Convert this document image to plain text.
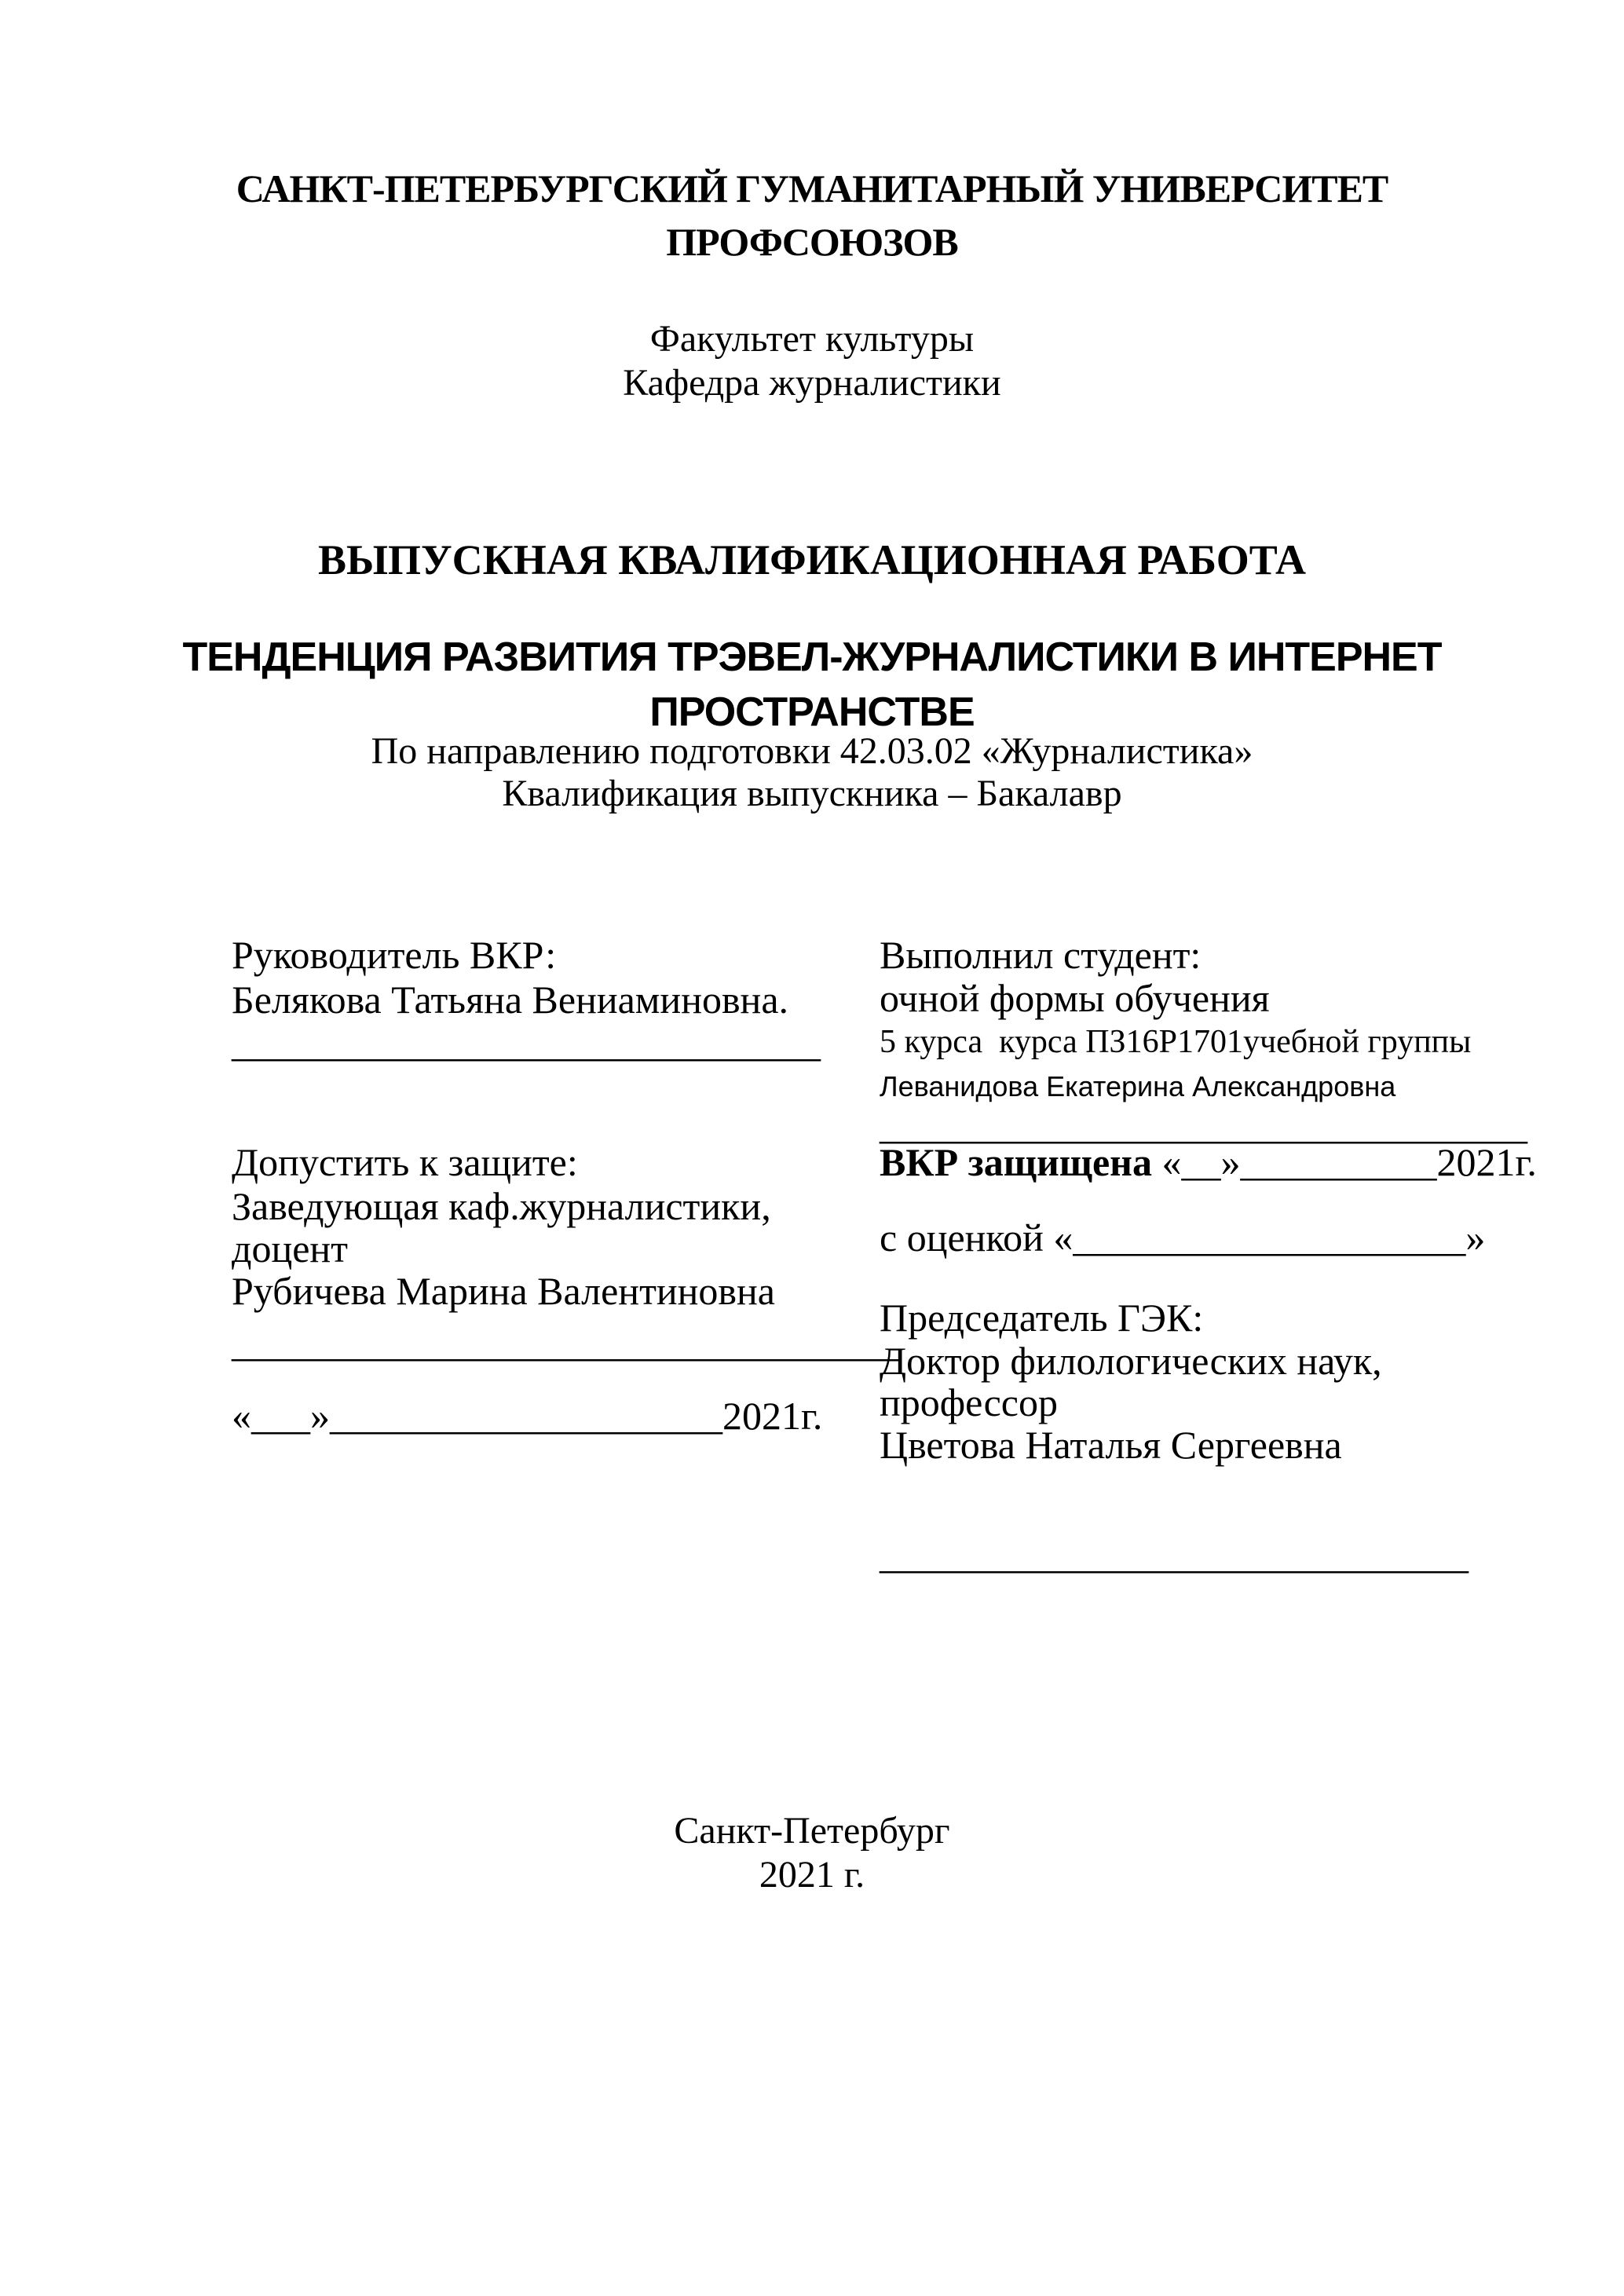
САНКТ-ПЕТЕРБУРГСКИЙ ГУМАНИТАРНЫЙ УНИВЕРСИТЕТ
ПРОФСОЮЗОВ
Факультет культуры
Кафедра журналистики
ВЫПУСКНАЯ КВАЛИФИКАЦИОННАЯ РАБОТА
ТЕНДЕНЦИЯ РАЗВИТИЯ ТРЭВЕЛ-ЖУРНАЛИСТИКИ В ИНТЕРНЕТ
ПРОСТРАНСТВЕ
По направлению подготовки 42.03.02 «Журналистика»
Квалификация выпускника – Бакалавр
Руководитель ВКР:
Белякова Татьяна Вениаминовна.
______________________________
Допустить к защите:
Заведующая каф.журналистики,
доцент
Рубичева Марина Валентиновна
__________________________________
«___»____________________2021г.
Выполнил студент:
очной формы обучения
5 курса  курса ПЗ16Р1701учебной группы
Леванидова Екатерина Александровна
_________________________________
ВКР защищена «__»__________2021г.
с оценкой «____________________»
Председатель ГЭК:
Доктор филологических наук,
профессор
Цветова Наталья Сергеевна
______________________________
Санкт-Петербург
2021 г.
